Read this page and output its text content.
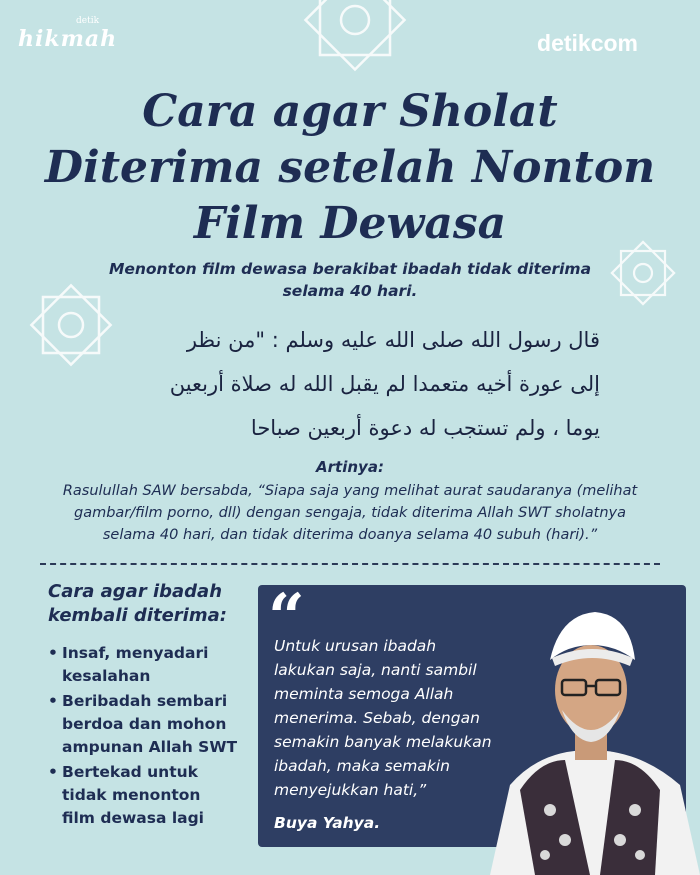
detik
hikmah	detikcom
Cara agar Sholat
Diterima setelah Nonton
Film Dewasa
Menonton film dewasa berakibat ibadah tidak diterima
selama 40 hari.
قال رسول الله صلى الله عليه وسلم : "من نظر
إلى عورة أخيه متعمدا لم يقبل الله له صلاة أربعين
يوما ، ولم تستجب له دعوة أربعين صباحا
Artinya:
Rasulullah SAW bersabda, “Siapa saja yang melihat aurat saudaranya (melihat
gambar/film porno, dll) dengan sengaja, tidak diterima Allah SWT sholatnya
selama 40 hari, dan tidak diterima doanya selama 40 subuh (hari).”
Cara agar ibadah
kembali diterima:
• Insaf, menyadari
kesalahan
• Beribadah sembari
berdoa dan mohon
ampunan Allah SWT
• Bertekad untuk
tidak menonton
film dewasa lagi
“
Untuk urusan ibadah
lakukan saja, nanti sambil
meminta semoga Allah
menerima. Sebab, dengan
semakin banyak melakukan
ibadah, maka semakin
menyejukkan hati,”
Buya Yahya.
